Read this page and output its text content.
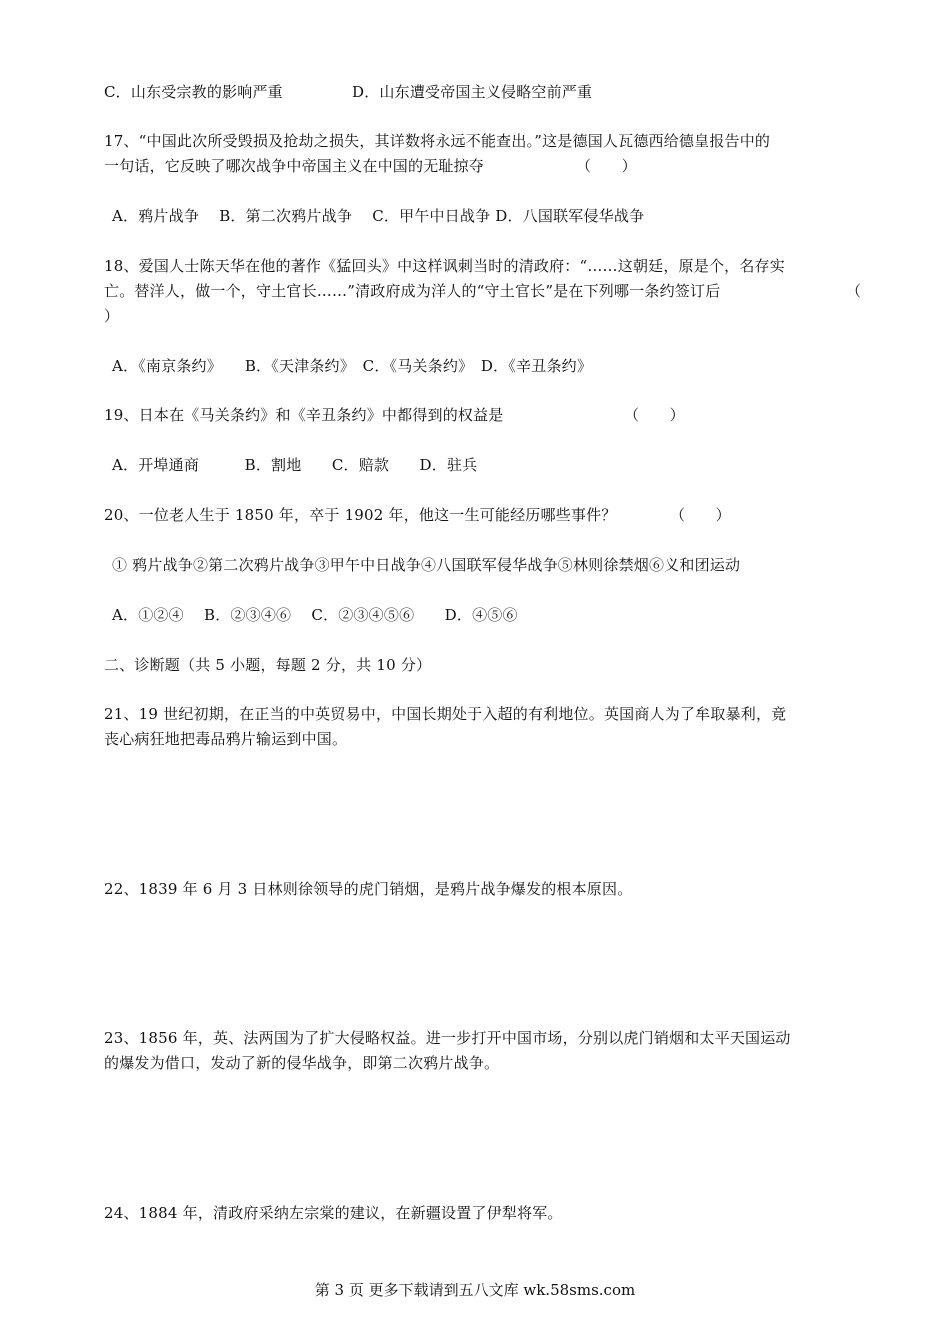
C．山东受宗教的影响严重	D．山东遭受帝国主义侵略空前严重
17、“中国此次所受毁损及抢劫之损失，其详数将永远不能查出。”这是德国人瓦德西给德皇报告中的
一句话，它反映了哪次战争中帝国主义在中国的无耻掠夺	（　　）
A．鸦片战争　 B．第二次鸦片战争　 C．甲午中日战争 D．八国联军侵华战争
18、爱国人士陈天华在他的著作《猛回头》中这样讽刺当时的清政府：“……这朝廷，原是个，名存实
亡。替洋人，做一个，守土官长……”清政府成为洋人的“守土官长”是在下列哪一条约签订后	（
）
A．《南京条约》　　B．《天津条约》　C．《马关条约》　D．《辛丑条约》
19、日本在《马关条约》和《辛丑条约》中都得到的权益是	（　　）
A．开埠通商　　　B．割地　　C．赔款　　D．驻兵
20、一位老人生于 1850 年，卒于 1902 年，他这一生可能经历哪些事件？	（　　）
① 鸦片战争②第二次鸦片战争③甲午中日战争④八国联军侵华战争⑤林则徐禁烟⑥义和团运动
A．①②④　 B．②③④⑥　 C．②③④⑤⑥　　D．④⑤⑥
二、诊断题（共 5 小题，每题 2 分，共 10 分）
21、19 世纪初期，在正当的中英贸易中，中国长期处于入超的有利地位。英国商人为了牟取暴利，竟
丧心病狂地把毒品鸦片输运到中国。
22、1839 年 6 月 3 日林则徐领导的虎门销烟，是鸦片战争爆发的根本原因。
23、1856 年，英、法两国为了扩大侵略权益。进一步打开中国市场，分别以虎门销烟和太平天国运动
的爆发为借口，发动了新的侵华战争，即第二次鸦片战争。
24、1884 年，清政府采纳左宗棠的建议，在新疆设置了伊犁将军。
第 3 页 更多下载请到五八文库 wk.58sms.com
